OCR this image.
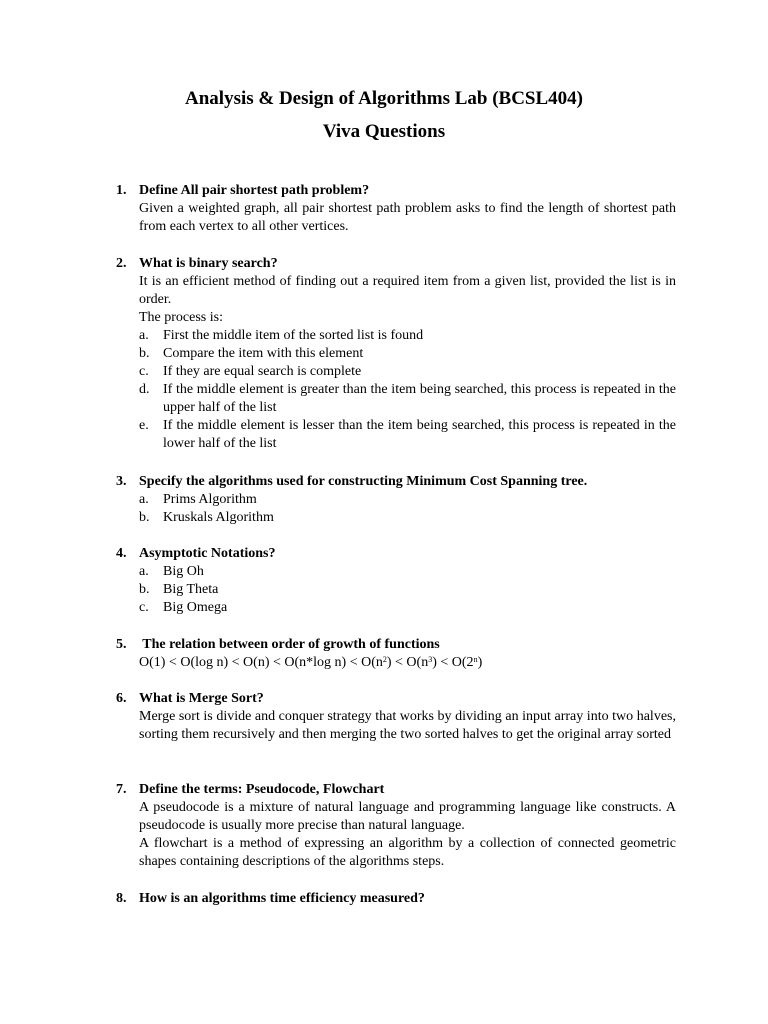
Analysis & Design of Algorithms Lab (BCSL404)
Viva Questions
1. Define All pair shortest path problem?
Given a weighted graph, all pair shortest path problem asks to find the length of shortest path from each vertex to all other vertices.
2. What is binary search?
It is an efficient method of finding out a required item from a given list, provided the list is in order.
The process is:
a. First the middle item of the sorted list is found
b. Compare the item with this element
c. If they are equal search is complete
d. If the middle element is greater than the item being searched, this process is repeated in the upper half of the list
e. If the middle element is lesser than the item being searched, this process is repeated in the lower half of the list
3. Specify the algorithms used for constructing Minimum Cost Spanning tree.
a. Prims Algorithm
b. Kruskals Algorithm
4. Asymptotic Notations?
a. Big Oh
b. Big Theta
c. Big Omega
5. The relation between order of growth of functions
O(1) < O(log n) < O(n) < O(n*log $n) < O(n^2) < O(n^3) < O(2^n)$
6. What is Merge Sort?
Merge sort is divide and conquer strategy that works by dividing an input array into two halves, sorting them recursively and then merging the two sorted halves to get the original array sorted
7. Define the terms: Pseudocode, Flowchart
A pseudocode is a mixture of natural language and programming language like constructs. A pseudocode is usually more precise than natural language.
A flowchart is a method of expressing an algorithm by a collection of connected geometric shapes containing descriptions of the algorithms steps.
8. How is an algorithms time efficiency measured?
